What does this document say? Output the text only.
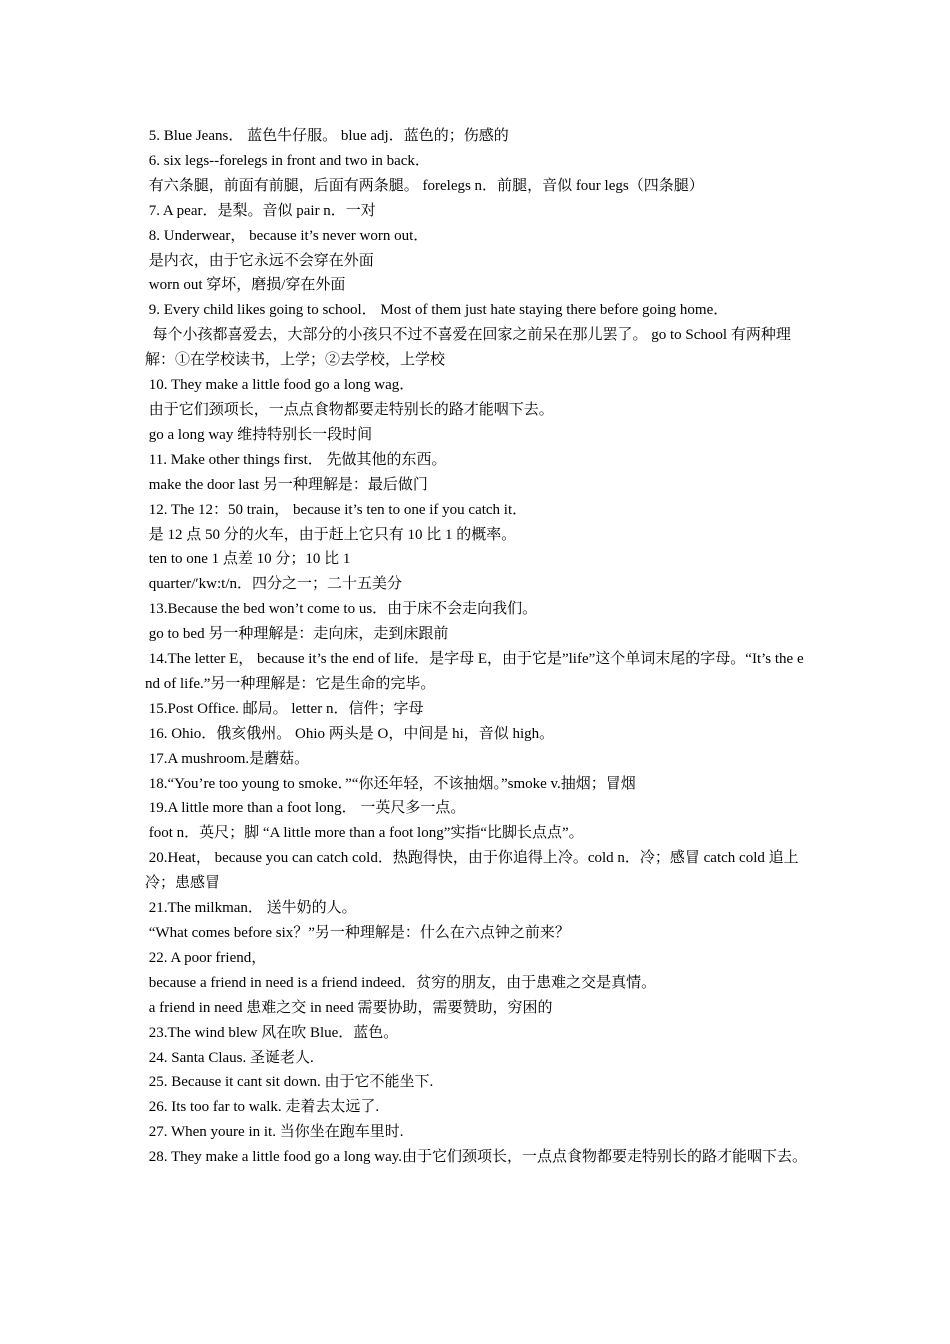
5. Blue Jeans． 蓝色牛仔服。 blue adj．蓝色的；伤感的

6. six legs--forelegs in front and two in back．

有六条腿，前面有前腿，后面有两条腿。 forelegs n．前腿，音似 four legs（四条腿）

7. A pear．是梨。音似 pair n．一对

8. Underwear， because it’s never worn out．

是内衣，由于它永远不会穿在外面

worn out 穿坏，磨损/穿在外面

9. Every child likes going to school． Most of them just hate staying there before going home．

每个小孩都喜爱去，大部分的小孩只不过不喜爱在回家之前呆在那儿罢了。 go to School 有两种理解：①在学校读书，上学；②去学校，上学校

10. They make a little food go a long wag．

由于它们颈项长，一点点食物都要走特别长的路才能咽下去。

go a long way 维持特别长一段时间

11. Make other things first． 先做其他的东西。

make the door last 另一种理解是：最后做门

12. The 12：50 train， because it’s ten to one if you catch it．

是 12 点 50 分的火车，由于赶上它只有 10 比 1 的概率。

ten to one 1 点差 10 分；10 比 1

quarter/′kw:t/n．四分之一；二十五美分

13.Because the bed won’t come to us．由于床不会走向我们。

go to bed 另一种理解是：走向床，走到床跟前

14.The letter E， because it’s the end of life．是字母 E，由于它是”life”这个单词末尾的字母。“It’s the end of life.”另一种理解是：它是生命的完毕。

15.Post Office. 邮局。 letter n．信件；字母

16. Ohio．俄亥俄州。 Ohio 两头是 O，中间是 hi，音似 high。

17.A mushroom.是蘑菇。

18.“You’re too young to smoke．”“你还年轻，不该抽烟。”smoke v.抽烟；冒烟

19.A little more than a foot long． 一英尺多一点。

foot n．英尺；脚 “A little more than a foot long”实指“比脚长点点”。

20.Heat， because you can catch cold．热跑得快，由于你追得上冷。cold n．冷；感冒 catch cold 追上冷；患感冒

21.The milkman． 送牛奶的人。

“What comes before six？”另一种理解是：什么在六点钟之前来？

22. A poor friend，

because a friend in need is a friend indeed．贫穷的朋友，由于患难之交是真情。

a friend in need 患难之交 in need 需要协助，需要赞助，穷困的

23.The wind blew 风在吹 Blue．蓝色。

24. Santa Claus. 圣诞老人.

25. Because it cant sit down. 由于它不能坐下.

26. Its too far to walk. 走着去太远了.

27. When youre in it. 当你坐在跑车里时.

28. They make a little food go a long way.由于它们颈项长，一点点食物都要走特别长的路才能咽下去。
